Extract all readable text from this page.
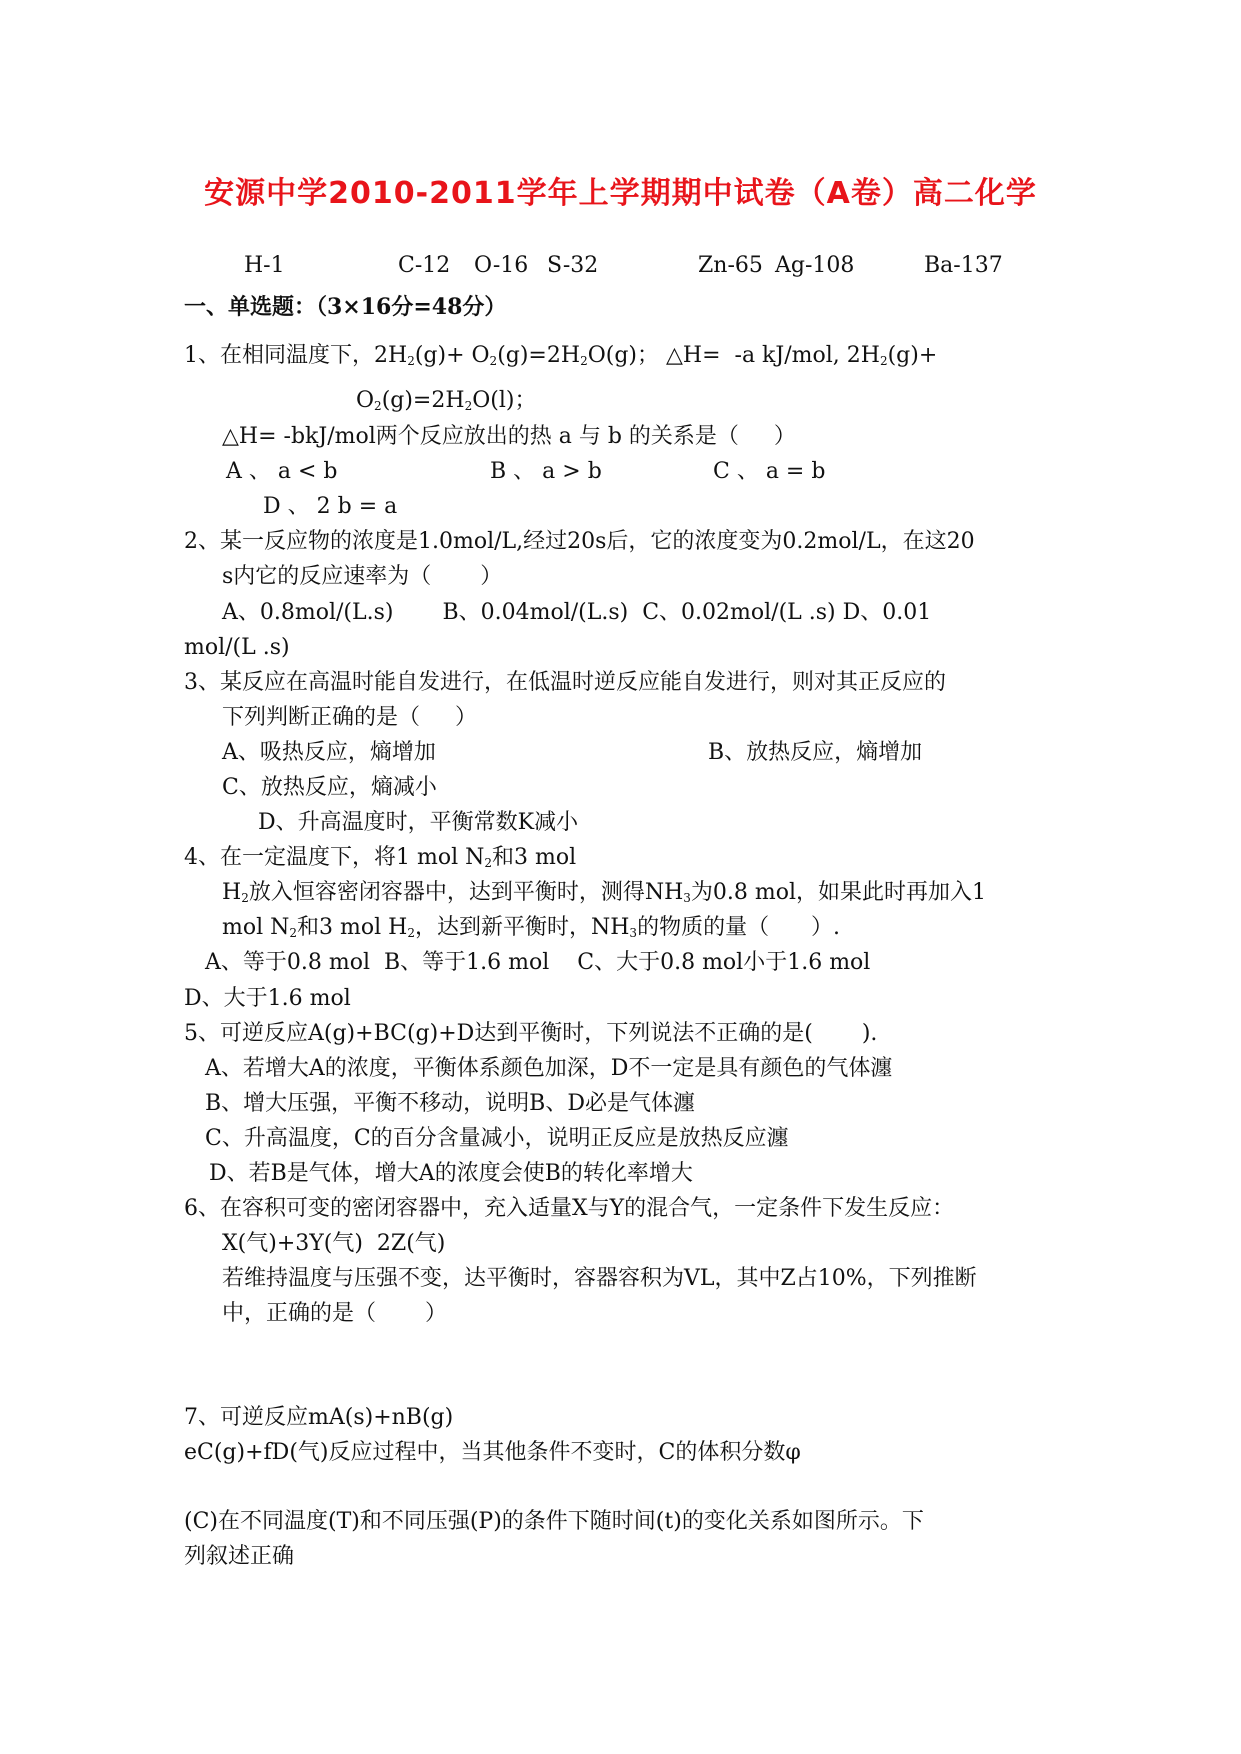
安源中学2010-2011学年上学期期中试卷（A卷）高二化学
H-1	C-12 O-16 S-32	Zn-65 Ag-108	Ba-137
一、单选题：（3×16分=48分）
1、在相同温度下，$2H_2(g)+ O_2(g)=2H_2O(g)$； △H=  -a kJ/mol, $2H_2(g)+$
$O_2(g)=2H_2O(l)$；
△H= -bkJ/mol两个反应放出的热 a 与 b 的关系是（     ）
A 、 a < b	B 、 a > b	C 、 a = b
D 、 2 b = a
2、某一反应物的浓度是1.0mol/L,经过20s后，它的浓度变为0.2mol/L，在这20
s内它的反应速率为（       ）
A、0.8mol/(L.s)       B、0.04mol/(L.s)  C、0.02mol/(L .s) D、0.01
mol/(L .s)
3、某反应在高温时能自发进行，在低温时逆反应能自发进行，则对其正反应的
下列判断正确的是（     ）
A、吸热反应，熵增加	B、放热反应，熵增加
C、放热反应，熵减小
D、升高温度时，平衡常数K减小
4、在一定温度下，将1 mol $N_2$和3 mol
$H_2$放入恒容密闭容器中，达到平衡时，测得$NH_3$为0.8 mol，如果此时再加入1
mol $N_2$和3 mol $H_2$，达到新平衡时，$NH_3$的物质的量（      ）.
A、等于0.8 mol  B、等于1.6 mol    C、大于0.8 mol小于1.6 mol
D、大于1.6 mol
5、可逆反应A(g)+BC(g)+D达到平衡时，下列说法不正确的是(       ).
A、若增大A的浓度，平衡体系颜色加深，D不一定是具有颜色的气体瀍
B、增大压强，平衡不移动，说明B、D必是气体瀍
C、升高温度，C的百分含量减小，说明正反应是放热反应瀍
D、若B是气体，增大A的浓度会使B的转化率增大
6、在容积可变的密闭容器中，充入适量X与Y的混合气，一定条件下发生反应：
X(气)+3Y(气)  2Z(气)
若维持温度与压强不变，达平衡时，容器容积为VL，其中Z占10%，下列推断
中，正确的是（       ）
7、可逆反应mA(s)+nB(g)
eC(g)+fD(气)反应过程中，当其他条件不变时，C的体积分数φ
(C)在不同温度(T)和不同压强(P)的条件下随时间(t)的变化关系如图所示。下
列叙述正确
